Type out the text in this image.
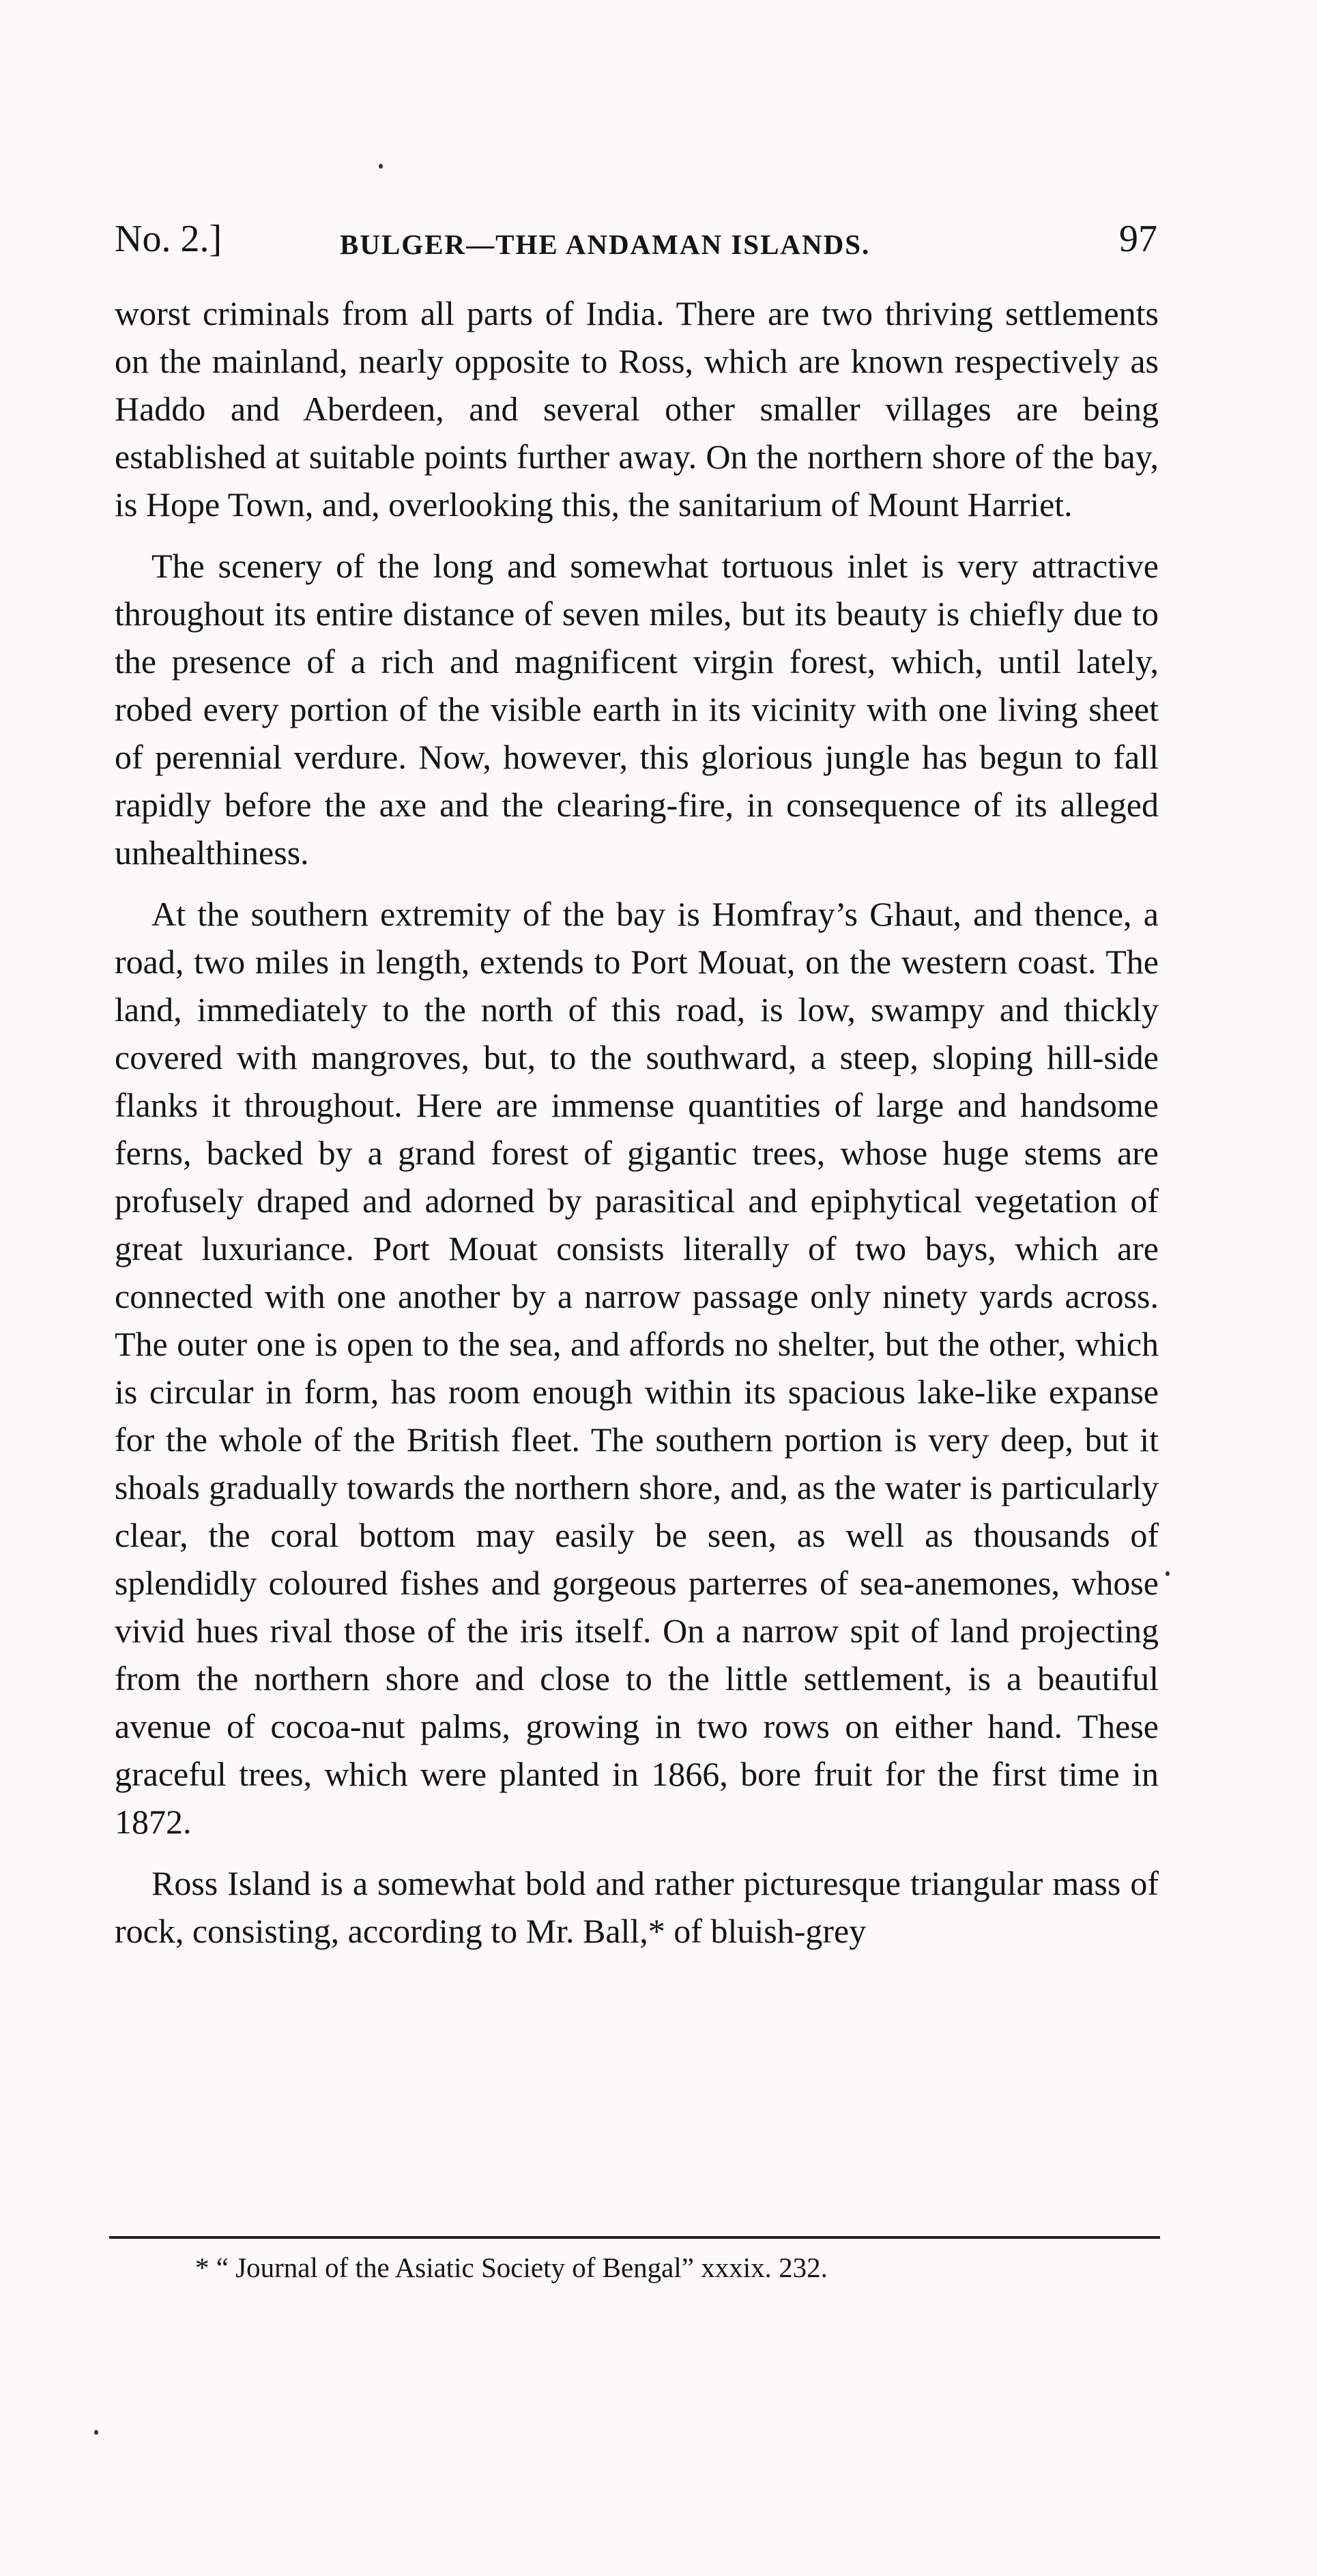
No. 2.]	BULGER—THE ANDAMAN ISLANDS.	97

worst criminals from all parts of India. There are two thriving settlements on the mainland, nearly opposite to Ross, which are known respectively as Haddo and Aberdeen, and several other smaller villages are being established at suitable points further away. On the northern shore of the bay, is Hope Town, and, overlooking this, the sanitarium of Mount Harriet.

The scenery of the long and somewhat tortuous inlet is very attractive throughout its entire distance of seven miles, but its beauty is chiefly due to the presence of a rich and magnificent virgin forest, which, until lately, robed every portion of the visible earth in its vicinity with one living sheet of perennial verdure. Now, however, this glorious jungle has begun to fall rapidly before the axe and the clearing-fire, in consequence of its alleged unhealthiness.

At the southern extremity of the bay is Homfray’s Ghaut, and thence, a road, two miles in length, extends to Port Mouat, on the western coast. The land, immediately to the north of this road, is low, swampy and thickly covered with mangroves, but, to the southward, a steep, sloping hill-side flanks it throughout. Here are immense quantities of large and handsome ferns, backed by a grand forest of gigantic trees, whose huge stems are profusely draped and adorned by parasitical and epiphytical vegetation of great luxuriance. Port Mouat consists literally of two bays, which are connected with one another by a narrow passage only ninety yards across. The outer one is open to the sea, and affords no shelter, but the other, which is circular in form, has room enough within its spacious lake-like expanse for the whole of the British fleet. The southern portion is very deep, but it shoals gradually towards the northern shore, and, as the water is particularly clear, the coral bottom may easily be seen, as well as thousands of splendidly coloured fishes and gorgeous parterres of sea-anemones, whose vivid hues rival those of the iris itself. On a narrow spit of land projecting from the northern shore and close to the little settlement, is a beautiful avenue of cocoa-nut palms, growing in two rows on either hand. These graceful trees, which were planted in 1866, bore fruit for the first time in 1872.

Ross Island is a somewhat bold and rather picturesque triangular mass of rock, consisting, according to Mr. Ball,* of bluish-grey

* “ Journal of the Asiatic Society of Bengal” xxxix. 232.
